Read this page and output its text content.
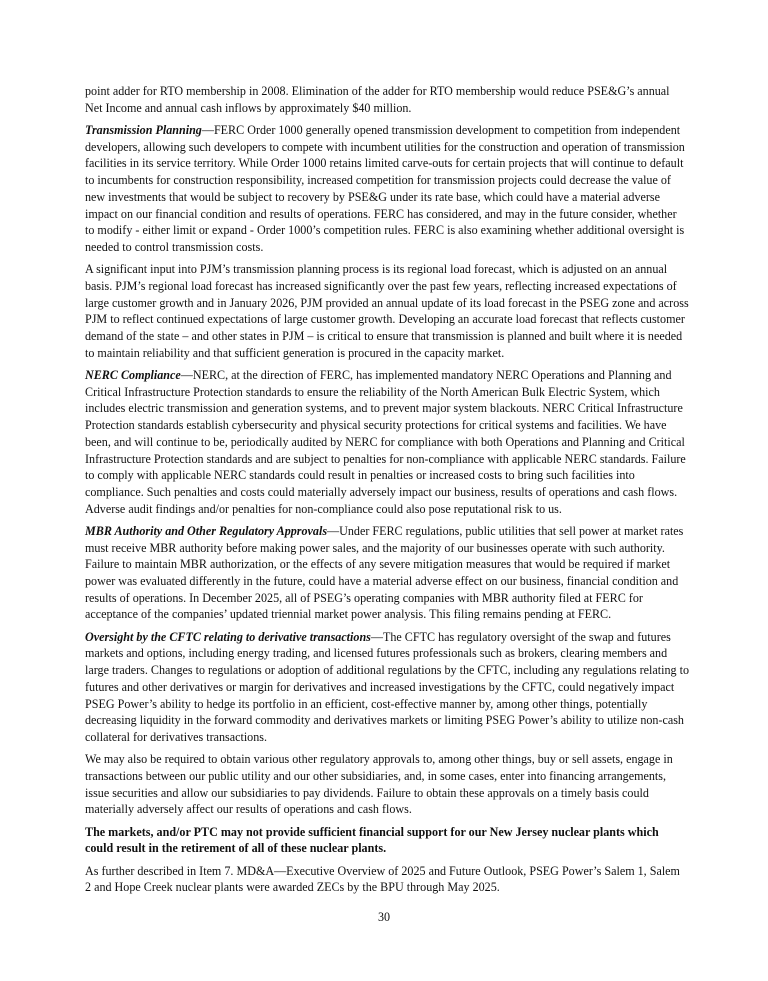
point adder for RTO membership in 2008. Elimination of the adder for RTO membership would reduce PSE&G’s annual Net Income and annual cash inflows by approximately $40 million.

Transmission Planning—FERC Order 1000 generally opened transmission development to competition from independent developers, allowing such developers to compete with incumbent utilities for the construction and operation of transmission facilities in its service territory. While Order 1000 retains limited carve-outs for certain projects that will continue to default to incumbents for construction responsibility, increased competition for transmission projects could decrease the value of new investments that would be subject to recovery by PSE&G under its rate base, which could have a material adverse impact on our financial condition and results of operations. FERC has considered, and may in the future consider, whether to modify - either limit or expand - Order 1000’s competition rules. FERC is also examining whether additional oversight is needed to control transmission costs.

A significant input into PJM’s transmission planning process is its regional load forecast, which is adjusted on an annual basis. PJM’s regional load forecast has increased significantly over the past few years, reflecting increased expectations of large customer growth and in January 2026, PJM provided an annual update of its load forecast in the PSEG zone and across PJM to reflect continued expectations of large customer growth. Developing an accurate load forecast that reflects customer demand of the state – and other states in PJM – is critical to ensure that transmission is planned and built where it is needed to maintain reliability and that sufficient generation is procured in the capacity market.

NERC Compliance—NERC, at the direction of FERC, has implemented mandatory NERC Operations and Planning and Critical Infrastructure Protection standards to ensure the reliability of the North American Bulk Electric System, which includes electric transmission and generation systems, and to prevent major system blackouts. NERC Critical Infrastructure Protection standards establish cybersecurity and physical security protections for critical systems and facilities. We have been, and will continue to be, periodically audited by NERC for compliance with both Operations and Planning and Critical Infrastructure Protection standards and are subject to penalties for non-compliance with applicable NERC standards. Failure to comply with applicable NERC standards could result in penalties or increased costs to bring such facilities into compliance. Such penalties and costs could materially adversely impact our business, results of operations and cash flows. Adverse audit findings and/or penalties for non-compliance could also pose reputational risk to us.

MBR Authority and Other Regulatory Approvals—Under FERC regulations, public utilities that sell power at market rates must receive MBR authority before making power sales, and the majority of our businesses operate with such authority. Failure to maintain MBR authorization, or the effects of any severe mitigation measures that would be required if market power was evaluated differently in the future, could have a material adverse effect on our business, financial condition and results of operations. In December 2025, all of PSEG’s operating companies with MBR authority filed at FERC for acceptance of the companies’ updated triennial market power analysis. This filing remains pending at FERC.

Oversight by the CFTC relating to derivative transactions—The CFTC has regulatory oversight of the swap and futures markets and options, including energy trading, and licensed futures professionals such as brokers, clearing members and large traders. Changes to regulations or adoption of additional regulations by the CFTC, including any regulations relating to futures and other derivatives or margin for derivatives and increased investigations by the CFTC, could negatively impact PSEG Power’s ability to hedge its portfolio in an efficient, cost-effective manner by, among other things, potentially decreasing liquidity in the forward commodity and derivatives markets or limiting PSEG Power’s ability to utilize non-cash collateral for derivatives transactions.

We may also be required to obtain various other regulatory approvals to, among other things, buy or sell assets, engage in transactions between our public utility and our other subsidiaries, and, in some cases, enter into financing arrangements, issue securities and allow our subsidiaries to pay dividends. Failure to obtain these approvals on a timely basis could materially adversely affect our results of operations and cash flows.

The markets, and/or PTC may not provide sufficient financial support for our New Jersey nuclear plants which could result in the retirement of all of these nuclear plants.

As further described in Item 7. MD&A—Executive Overview of 2025 and Future Outlook, PSEG Power’s Salem 1, Salem 2 and Hope Creek nuclear plants were awarded ZECs by the BPU through May 2025.

30
